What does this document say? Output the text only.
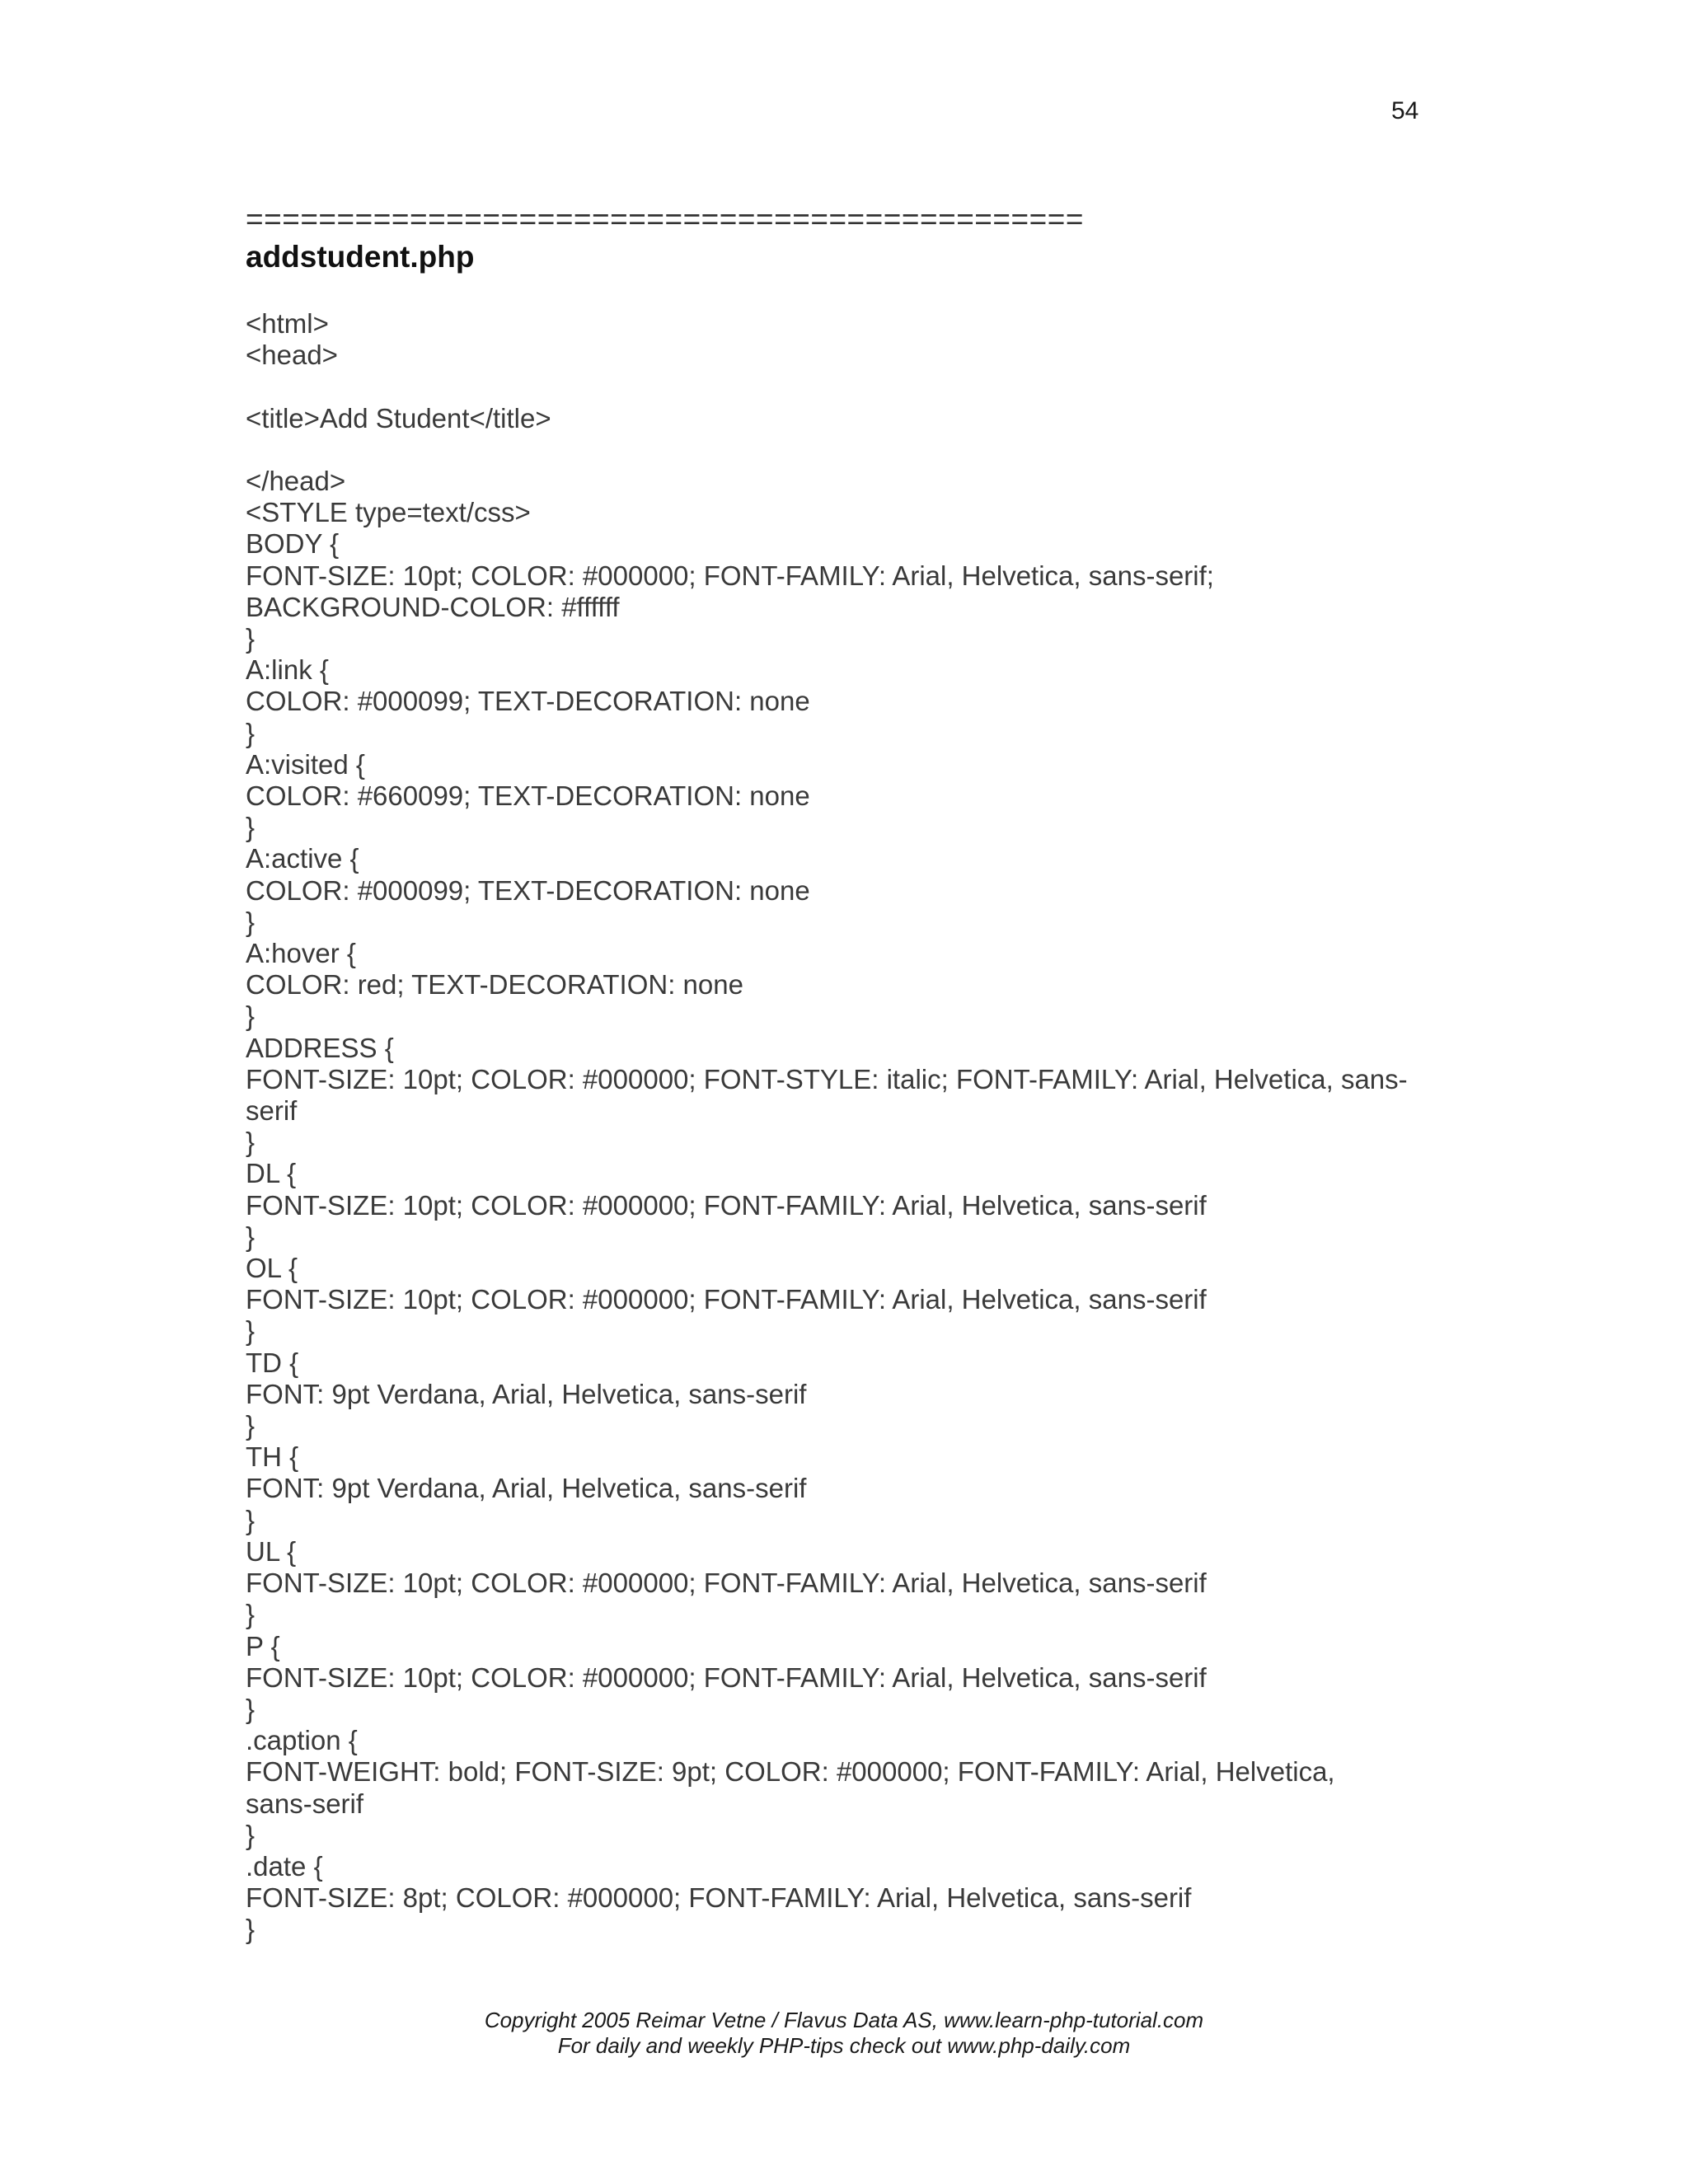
54
==============================================
addstudent.php
<html>
<head>
<title>Add Student</title>
</head>
<STYLE type=text/css>
BODY {
FONT-SIZE: 10pt; COLOR: #000000; FONT-FAMILY: Arial, Helvetica, sans-serif;
BACKGROUND-COLOR: #ffffff
}
A:link {
COLOR: #000099; TEXT-DECORATION: none
}
A:visited {
COLOR: #660099; TEXT-DECORATION: none
}
A:active {
COLOR: #000099; TEXT-DECORATION: none
}
A:hover {
COLOR: red; TEXT-DECORATION: none
}
ADDRESS {
FONT-SIZE: 10pt; COLOR: #000000; FONT-STYLE: italic; FONT-FAMILY: Arial, Helvetica, sans-
serif
}
DL {
FONT-SIZE: 10pt; COLOR: #000000; FONT-FAMILY: Arial, Helvetica, sans-serif
}
OL {
FONT-SIZE: 10pt; COLOR: #000000; FONT-FAMILY: Arial, Helvetica, sans-serif
}
TD {
FONT: 9pt Verdana, Arial, Helvetica, sans-serif
}
TH {
FONT: 9pt Verdana, Arial, Helvetica, sans-serif
}
UL {
FONT-SIZE: 10pt; COLOR: #000000; FONT-FAMILY: Arial, Helvetica, sans-serif
}
P {
FONT-SIZE: 10pt; COLOR: #000000; FONT-FAMILY: Arial, Helvetica, sans-serif
}
.caption {
FONT-WEIGHT: bold; FONT-SIZE: 9pt; COLOR: #000000; FONT-FAMILY: Arial, Helvetica,
sans-serif
}
.date {
FONT-SIZE: 8pt; COLOR: #000000; FONT-FAMILY: Arial, Helvetica, sans-serif
}
Copyright 2005 Reimar Vetne / Flavus Data AS, www.learn-php-tutorial.com
For daily and weekly PHP-tips check out www.php-daily.com
